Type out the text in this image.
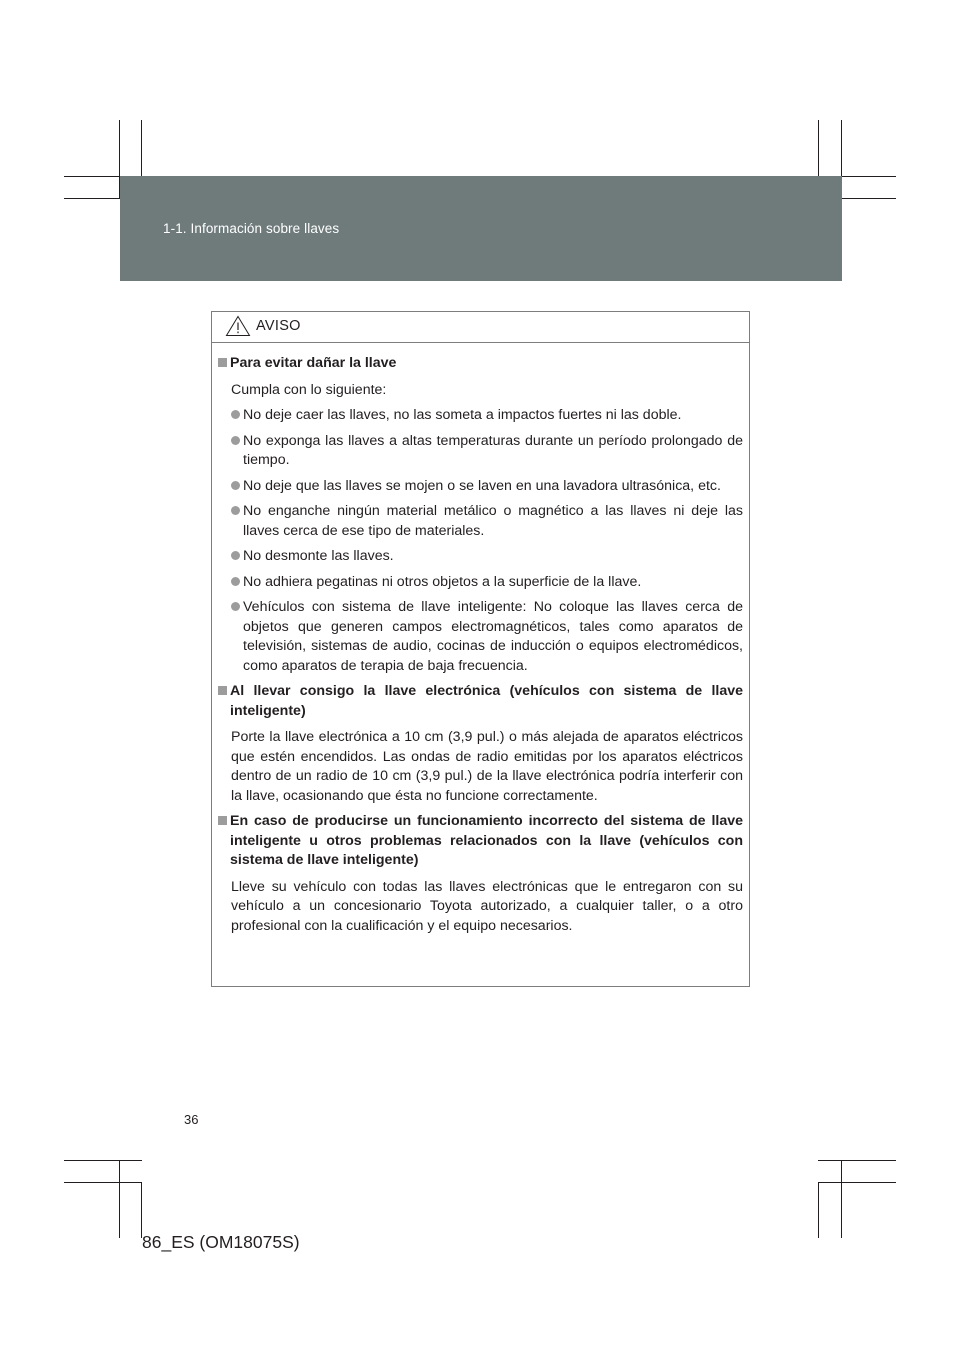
1-1. Información sobre llaves
AVISO
Para evitar dañar la llave
Cumpla con lo siguiente:
No deje caer las llaves, no las someta a impactos fuertes ni las doble.
No exponga las llaves a altas temperaturas durante un período prolongado de tiempo.
No deje que las llaves se mojen o se laven en una lavadora ultrasónica, etc.
No enganche ningún material metálico o magnético a las llaves ni deje las llaves cerca de ese tipo de materiales.
No desmonte las llaves.
No adhiera pegatinas ni otros objetos a la superficie de la llave.
Vehículos con sistema de llave inteligente: No coloque las llaves cerca de objetos que generen campos electromagnéticos, tales como aparatos de televisión, sistemas de audio, cocinas de inducción o equipos electromédicos, como aparatos de terapia de baja frecuencia.
Al llevar consigo la llave electrónica (vehículos con sistema de llave inteligente)
Porte la llave electrónica a 10 cm (3,9 pul.) o más alejada de aparatos eléctricos que estén encendidos. Las ondas de radio emitidas por los aparatos eléctricos dentro de un radio de 10 cm (3,9 pul.) de la llave electrónica podría interferir con la llave, ocasionando que ésta no funcione correctamente.
En caso de producirse un funcionamiento incorrecto del sistema de llave inteligente u otros problemas relacionados con la llave (vehículos con sistema de llave inteligente)
Lleve su vehículo con todas las llaves electrónicas que le entregaron con su vehículo a un concesionario Toyota autorizado, a cualquier taller, o a otro profesional con la cualificación y el equipo necesarios.
36
86_ES (OM18075S)
